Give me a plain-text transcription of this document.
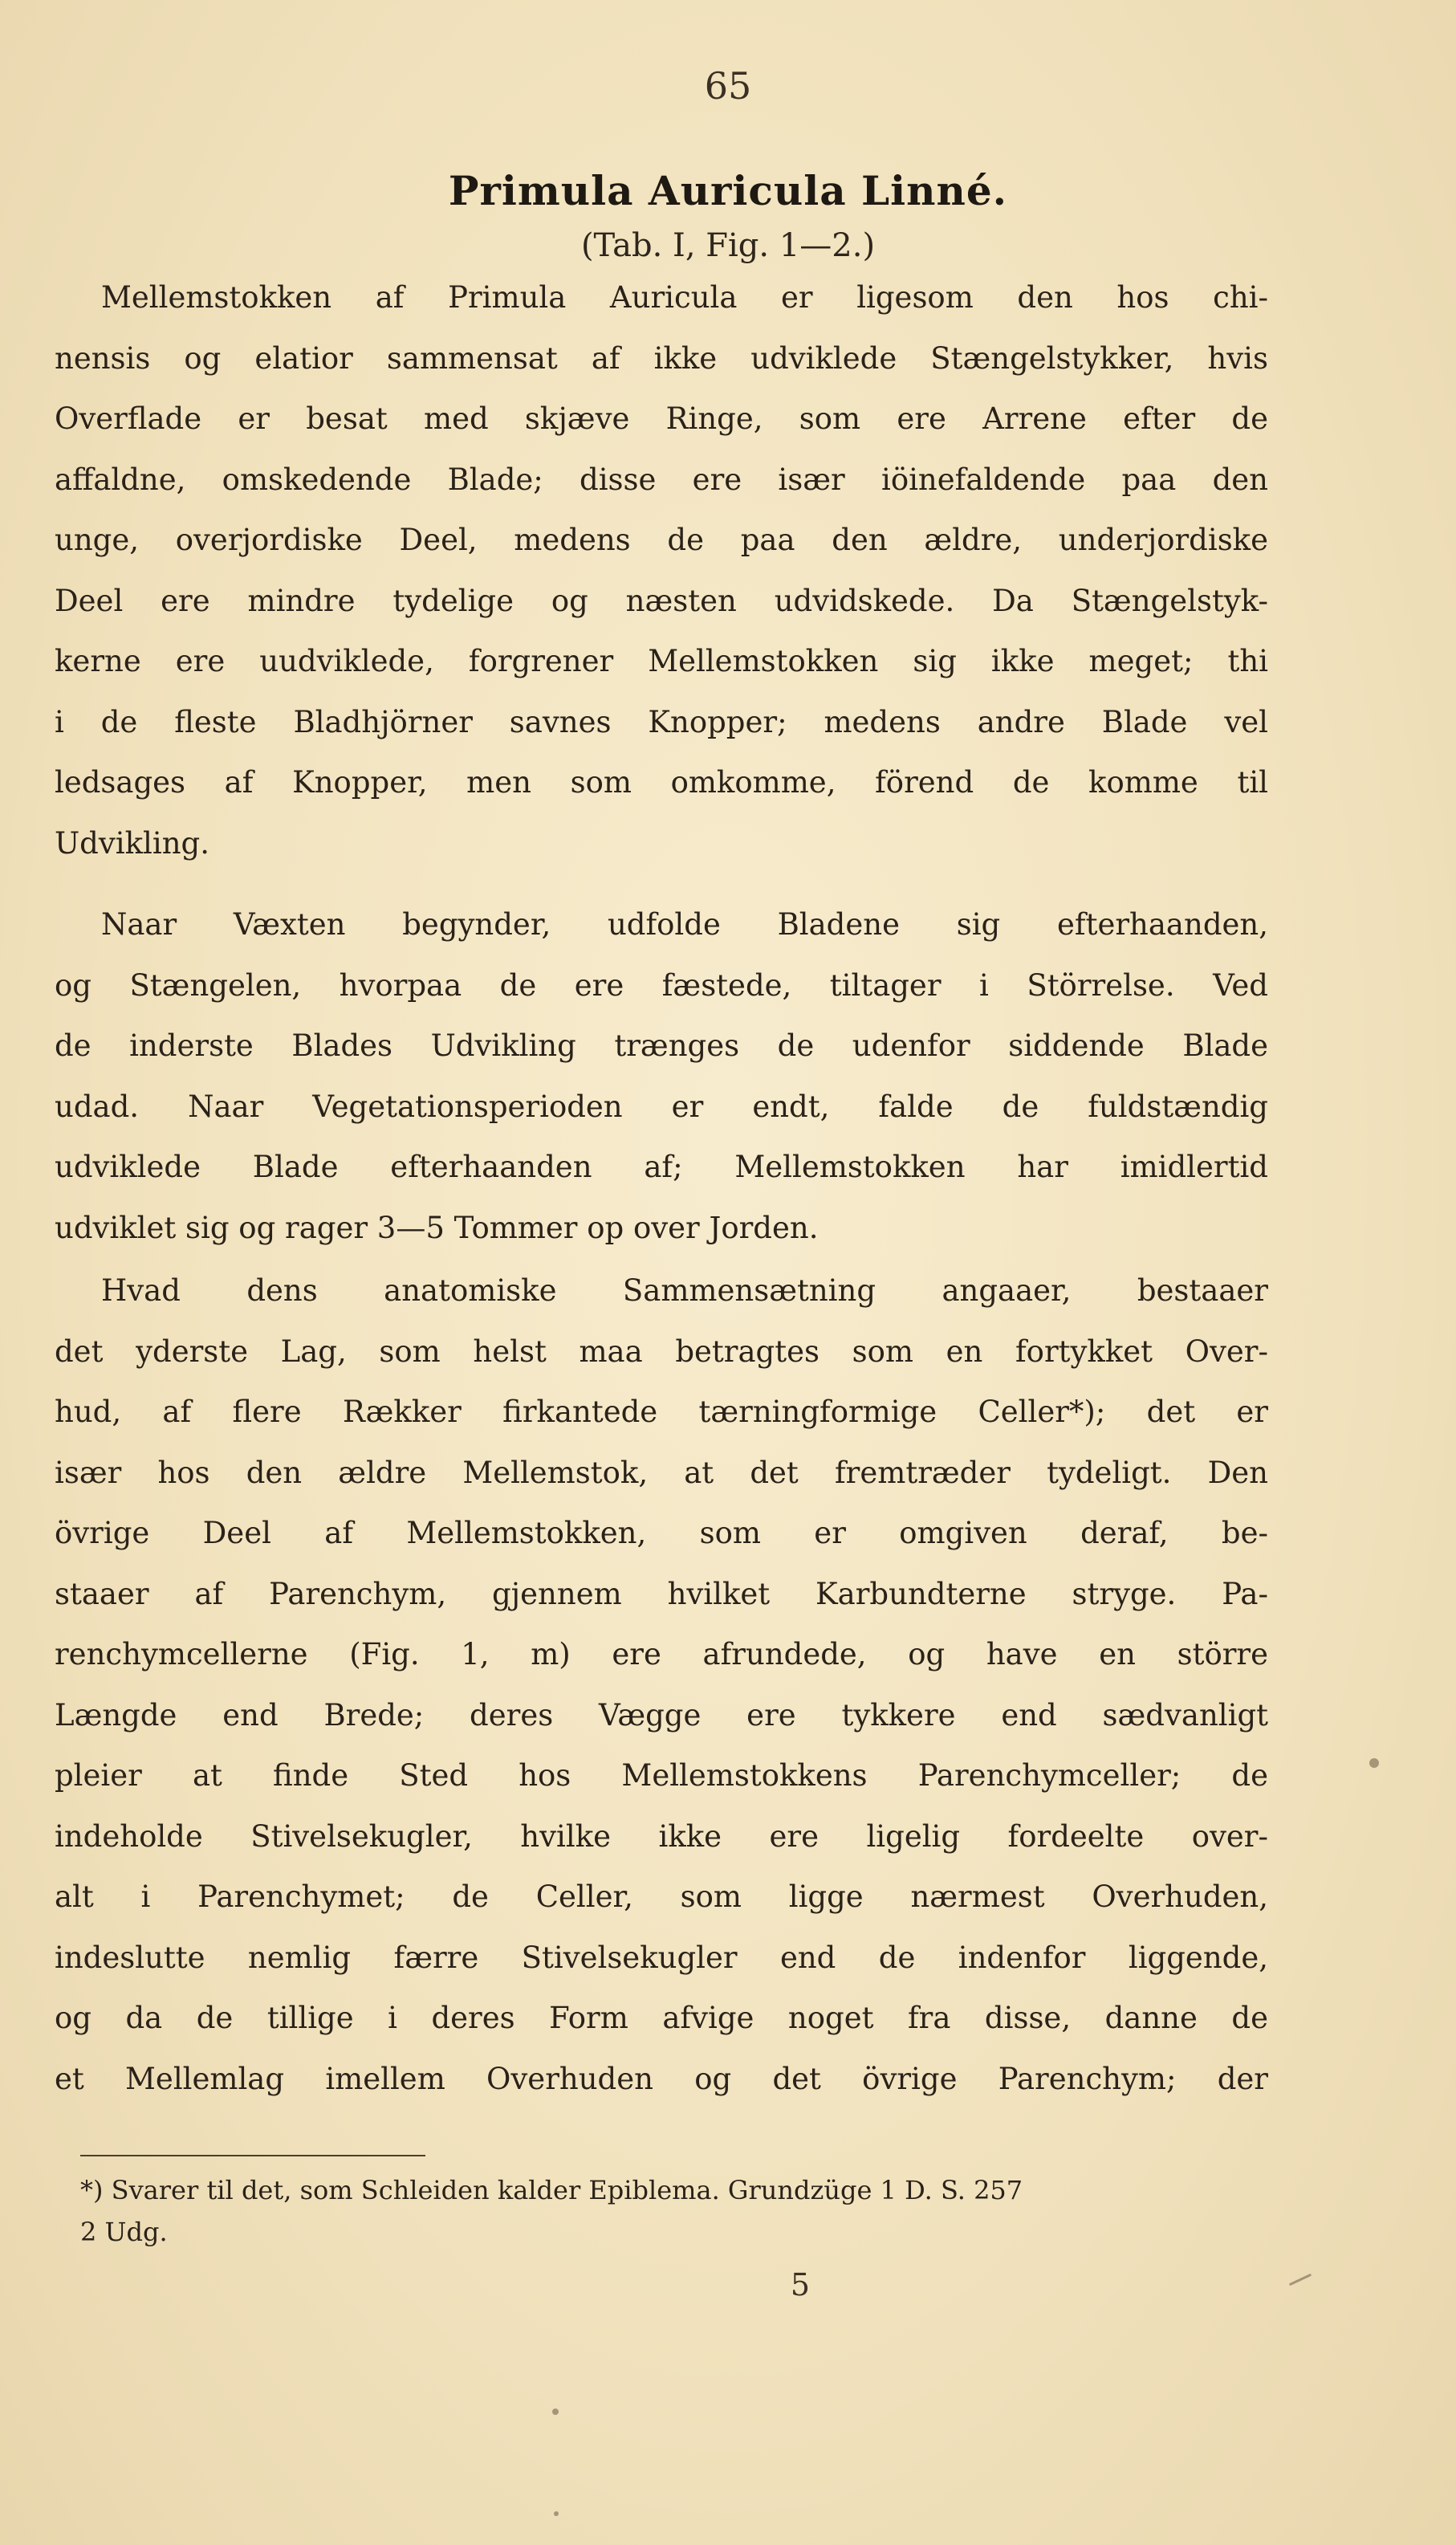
65
Primula Auricula Linné.
(Tab. I, Fig. 1—2.)
Mellemstokken af Primula Auricula er ligesom den hos chi-
nensis og elatior sammensat af ikke udviklede Stængelstykker, hvis
Overflade er besat med skjæve Ringe, som ere Arrene efter de
affaldne, omskedende Blade; disse ere især iöinefaldende paa den
unge, overjordiske Deel, medens de paa den ældre, underjordiske
Deel ere mindre tydelige og næsten udvidskede. Da Stængelstyk-
kerne ere uudviklede, forgrener Mellemstokken sig ikke meget; thi
i de fleste Bladhjörner savnes Knopper; medens andre Blade vel
ledsages af Knopper, men som omkomme, förend de komme til
Udvikling.
Naar Væxten begynder, udfolde Bladene sig efterhaanden,
og Stængelen, hvorpaa de ere fæstede, tiltager i Störrelse. Ved
de inderste Blades Udvikling trænges de udenfor siddende Blade
udad. Naar Vegetationsperioden er endt, falde de fuldstændig
udviklede Blade efterhaanden af; Mellemstokken har imidlertid
udviklet sig og rager 3—5 Tommer op over Jorden.
Hvad dens anatomiske Sammensætning angaaer, bestaaer
det yderste Lag, som helst maa betragtes som en fortykket Over-
hud, af flere Rækker firkantede tærningformige Celler*); det er
især hos den ældre Mellemstok, at det fremtræder tydeligt. Den
övrige Deel af Mellemstokken, som er omgiven deraf, be-
staaer af Parenchym, gjennem hvilket Karbundterne stryge. Pa-
renchymcellerne (Fig. 1, m) ere afrundede, og have en större
Længde end Brede; deres Vægge ere tykkere end sædvanligt
pleier at finde Sted hos Mellemstokkens Parenchymceller; de
indeholde Stivelsekugler, hvilke ikke ere ligelig fordeelte over-
alt i Parenchymet; de Celler, som ligge nærmest Overhuden,
indeslutte nemlig færre Stivelsekugler end de indenfor liggende,
og da de tillige i deres Form afvige noget fra disse, danne de
et Mellemlag imellem Overhuden og det övrige Parenchym; der
*) Svarer til det, som Schleiden kalder Epiblema. Grundzüge 1 D. S. 257
2 Udg.
5
